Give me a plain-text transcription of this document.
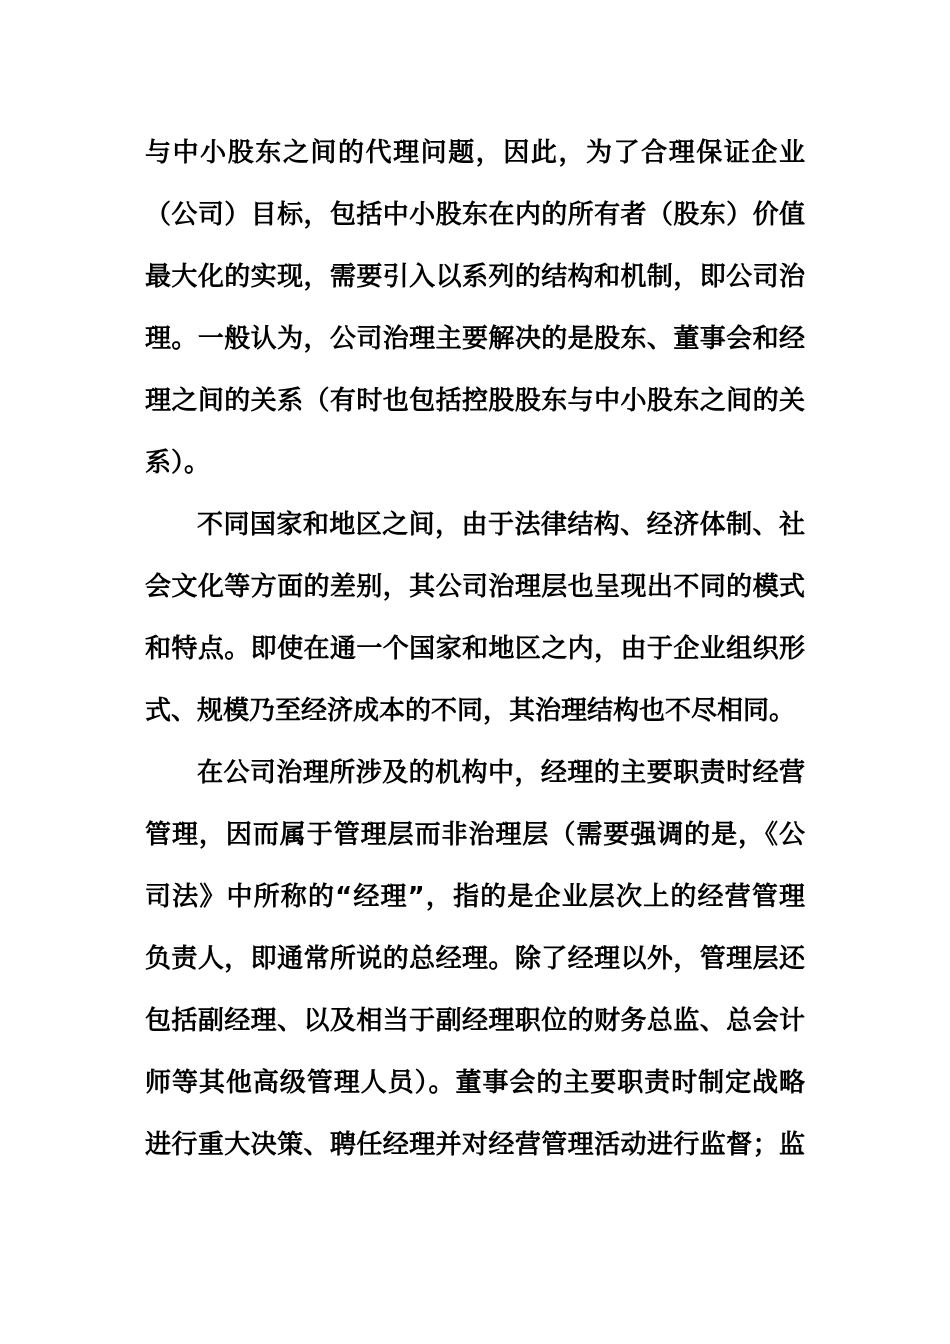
与中小股东之间的代理问题，因此，为了合理保证企业
（公司）目标，包括中小股东在内的所有者（股东）价值
最大化的实现，需要引入以系列的结构和机制，即公司治
理。一般认为，公司治理主要解决的是股东、董事会和经
理之间的关系（有时也包括控股股东与中小股东之间的关
系）。
不同国家和地区之间，由于法律结构、经济体制、社
会文化等方面的差别，其公司治理层也呈现出不同的模式
和特点。即使在通一个国家和地区之内，由于企业组织形
式、规模乃至经济成本的不同，其治理结构也不尽相同。
在公司治理所涉及的机构中，经理的主要职责时经营
管理，因而属于管理层而非治理层（需要强调的是，《公
司法》中所称的“经理”，指的是企业层次上的经营管理
负责人，即通常所说的总经理。除了经理以外，管理层还
包括副经理、以及相当于副经理职位的财务总监、总会计
师等其他高级管理人员）。董事会的主要职责时制定战略
进行重大决策、聘任经理并对经营管理活动进行监督；监
